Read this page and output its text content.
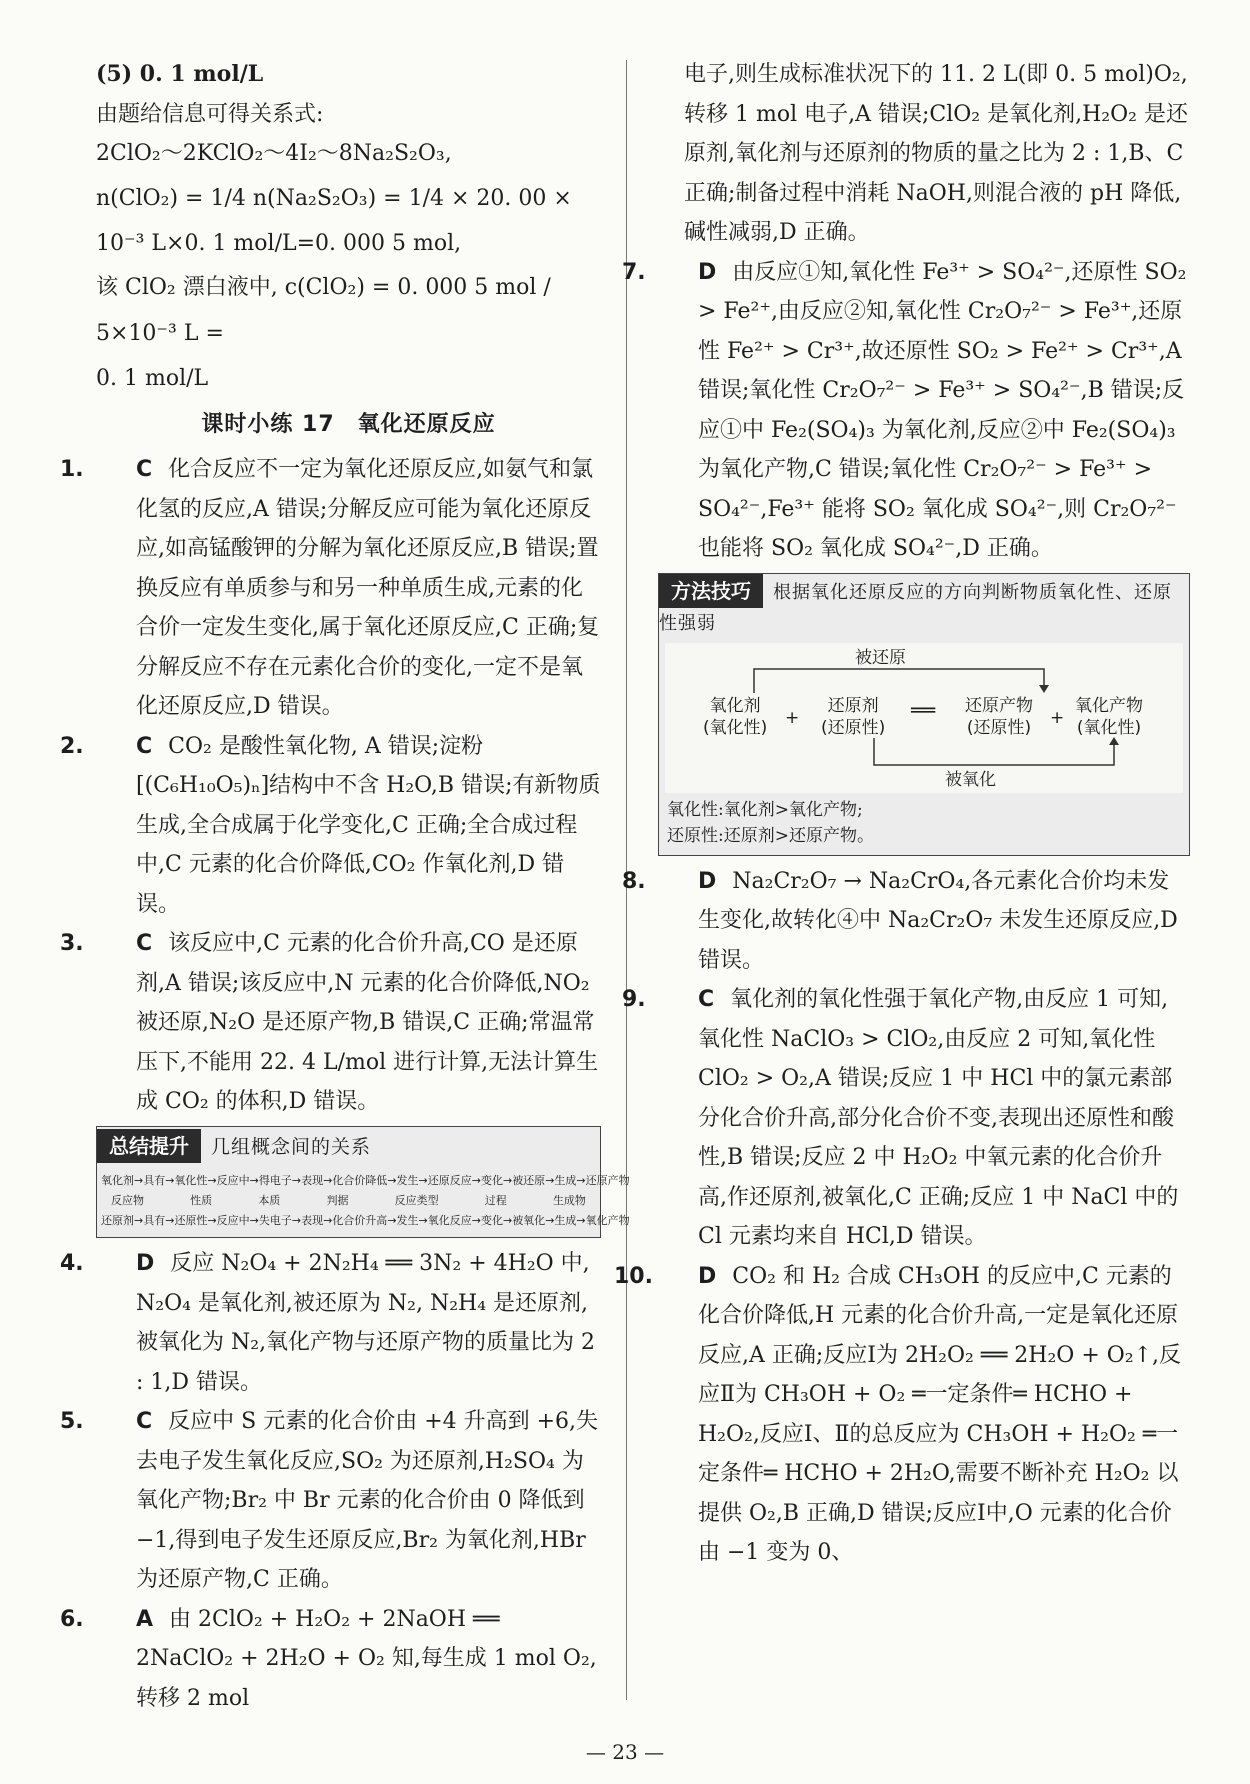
(5) 0. 1 mol/L

由题给信息可得关系式:

2ClO₂～2KClO₂～4I₂～8Na₂S₂O₃,

n(ClO₂) = 1/4 n(Na₂S₂O₃) = 1/4 × 20. 00 ×

10⁻³ L×0. 1 mol/L=0. 000 5 mol,

该 ClO₂ 漂白液中, c(ClO₂) = 0. 000 5 mol / 5×10⁻³ L =

0. 1 mol/L

课时小练 17　氧化还原反应

1. C 化合反应不一定为氧化还原反应,如氨气和氯化氢的反应,A 错误;分解反应可能为氧化还原反应,如高锰酸钾的分解为氧化还原反应,B 错误;置换反应有单质参与和另一种单质生成,元素的化合价一定发生变化,属于氧化还原反应,C 正确;复分解反应不存在元素化合价的变化,一定不是氧化还原反应,D 错误。
2. C CO₂ 是酸性氧化物, A 错误;淀粉[(C₆H₁₀O₅)ₙ]结构中不含 H₂O,B 错误;有新物质生成,全合成属于化学变化,C 正确;全合成过程中,C 元素的化合价降低,CO₂ 作氧化剂,D 错误。
3. C 该反应中,C 元素的化合价升高,CO 是还原剂,A 错误;该反应中,N 元素的化合价降低,NO₂ 被还原,N₂O 是还原产物,B 错误,C 正确;常温常压下,不能用 22. 4 L/mol 进行计算,无法计算生成 CO₂ 的体积,D 错误。
总结提升 几组概念间的关系
氧化剂 →具有→ 氧化性 →反应中→ 得电子 →表现→ 化合价降低 →发生→ 还原反应 →变化→ 被还原 →生成→ 还原产物
反应物	性质	本质	判据	反应类型	过程	生成物
还原剂 →具有→ 还原性 →反应中→ 失电子 →表现→ 化合价升高 →发生→ 氧化反应 →变化→ 被氧化 →生成→ 氧化产物
4. D 反应 N₂O₄ + 2N₂H₄ ══ 3N₂ + 4H₂O 中, N₂O₄ 是氧化剂,被还原为 N₂, N₂H₄ 是还原剂,被氧化为 N₂,氧化产物与还原产物的质量比为 2 : 1,D 错误。
5. C 反应中 S 元素的化合价由 +4 升高到 +6,失去电子发生氧化反应,SO₂ 为还原剂,H₂SO₄ 为氧化产物;Br₂ 中 Br 元素的化合价由 0 降低到 −1,得到电子发生还原反应,Br₂ 为氧化剂,HBr 为还原产物,C 正确。
6. A 由 2ClO₂ + H₂O₂ + 2NaOH ══ 2NaClO₂ + 2H₂O + O₂ 知,每生成 1 mol O₂,转移 2 mol

电子,则生成标准状况下的 11. 2 L(即 0. 5 mol)O₂,转移 1 mol 电子,A 错误;ClO₂ 是氧化剂,H₂O₂ 是还原剂,氧化剂与还原剂的物质的量之比为 2 : 1,B、C 正确;制备过程中消耗 NaOH,则混合液的 pH 降低,碱性减弱,D 正确。

7. D 由反应①知,氧化性 Fe³⁺ > SO₄²⁻,还原性 SO₂ > Fe²⁺,由反应②知,氧化性 Cr₂O₇²⁻ > Fe³⁺,还原性 Fe²⁺ > Cr³⁺,故还原性 SO₂ > Fe²⁺ > Cr³⁺,A 错误;氧化性 Cr₂O₇²⁻ > Fe³⁺ > SO₄²⁻,B 错误;反应①中 Fe₂(SO₄)₃ 为氧化剂,反应②中 Fe₂(SO₄)₃ 为氧化产物,C 错误;氧化性 Cr₂O₇²⁻ > Fe³⁺ > SO₄²⁻,Fe³⁺ 能将 SO₂ 氧化成 SO₄²⁻,则 Cr₂O₇²⁻ 也能将 SO₂ 氧化成 SO₄²⁻,D 正确。
方法技巧 根据氧化还原反应的方向判断物质氧化性、还原性强弱
被还原
被氧化
氧化剂
(氧化性) +
还原剂
(还原性)
══ 还原产物
(还原性) +
氧化产物
(氧化性)
氧化性:氧化剂>氧化产物;
还原性:还原剂>还原产物。
8. D Na₂Cr₂O₇ → Na₂CrO₄,各元素化合价均未发生变化,故转化④中 Na₂Cr₂O₇ 未发生还原反应,D 错误。
9. C 氧化剂的氧化性强于氧化产物,由反应 1 可知,氧化性 NaClO₃ > ClO₂,由反应 2 可知,氧化性 ClO₂ > O₂,A 错误;反应 1 中 HCl 中的氯元素部分化合价升高,部分化合价不变,表现出还原性和酸性,B 错误;反应 2 中 H₂O₂ 中氧元素的化合价升高,作还原剂,被氧化,C 正确;反应 1 中 NaCl 中的 Cl 元素均来自 HCl,D 错误。
10. D CO₂ 和 H₂ 合成 CH₃OH 的反应中,C 元素的化合价降低,H 元素的化合价升高,一定是氧化还原反应,A 正确;反应Ⅰ为 2H₂O₂ ══ 2H₂O + O₂↑,反应Ⅱ为 CH₃OH + O₂ ═一定条件═ HCHO + H₂O₂,反应Ⅰ、Ⅱ的总反应为 CH₃OH + H₂O₂ ═一定条件═ HCHO + 2H₂O,需要不断补充 H₂O₂ 以提供 O₂,B 正确,D 错误;反应Ⅰ中,O 元素的化合价由 −1 变为 0、
— 23 —
